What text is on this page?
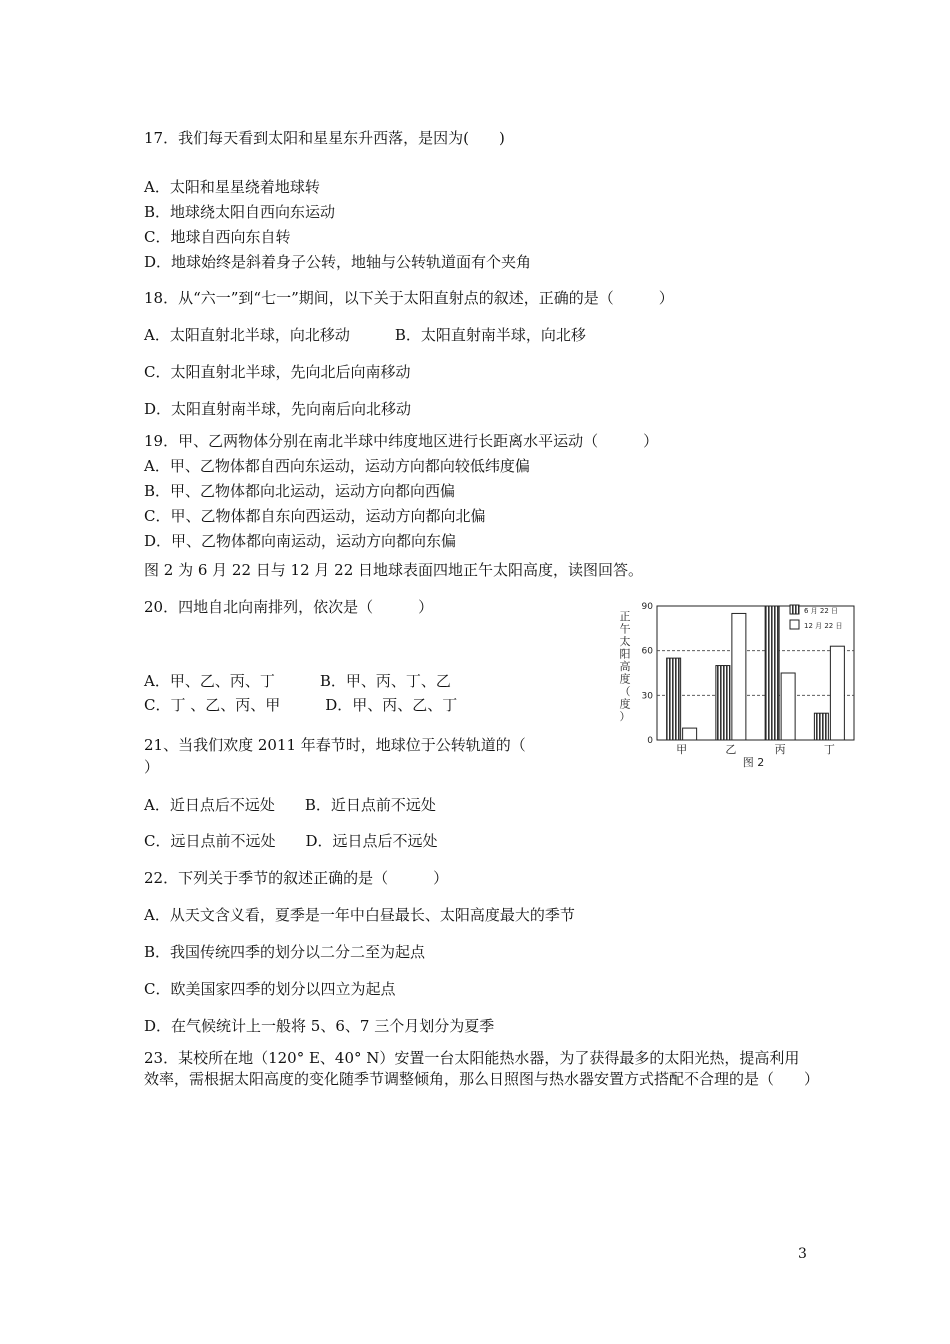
17．我们每天看到太阳和星星东升西落，是因为(　　)
A．太阳和星星绕着地球转
B．地球绕太阳自西向东运动
C．地球自西向东自转
D．地球始终是斜着身子公转，地轴与公转轨道面有个夹角
18．从“六一”到“七一”期间，以下关于太阳直射点的叙述，正确的是（　　　）
A．太阳直射北半球，向北移动　　　B．太阳直射南半球，向北移
C．太阳直射北半球，先向北后向南移动
D．太阳直射南半球，先向南后向北移动
19．甲、乙两物体分别在南北半球中纬度地区进行长距离水平运动（　　　）
A．甲、乙物体都自西向东运动，运动方向都向较低纬度偏
B．甲、乙物体都向北运动，运动方向都向西偏
C．甲、乙物体都自东向西运动，运动方向都向北偏
D．甲、乙物体都向南运动，运动方向都向东偏
图 2 为 6 月 22 日与 12 月 22 日地球表面四地正午太阳高度，读图回答。
20．四地自北向南排列，依次是（　　　）
A．甲、乙、丙、丁　　　B．甲、丙、丁、乙
C．丁 、乙、丙、甲　　　D．甲、丙、乙、丁
21、当我们欢度 2011 年春节时，地球位于公转轨道的（
）
A．近日点后不远处　　B．近日点前不远处
C．远日点前不远处　　D．远日点后不远处
22．下列关于季节的叙述正确的是（　　　）
A．从天文含义看，夏季是一年中白昼最长、太阳高度最大的季节
B．我国传统四季的划分以二分二至为起点
C．欧美国家四季的划分以四立为起点
D．在气候统计上一般将 5、6、7 三个月划分为夏季
23．某校所在地（120° E、40° N）安置一台太阳能热水器，为了获得最多的太阳光热，提高利用效率，需根据太阳高度的变化随季节调整倾角，那么日照图与热水器安置方式搭配不合理的是（　　）
3
0
30
60
90
正
午
太
阳
高
度
（
度
）
甲	乙	丙	丁
图 2
6 月 22 日
12 月 22 日
